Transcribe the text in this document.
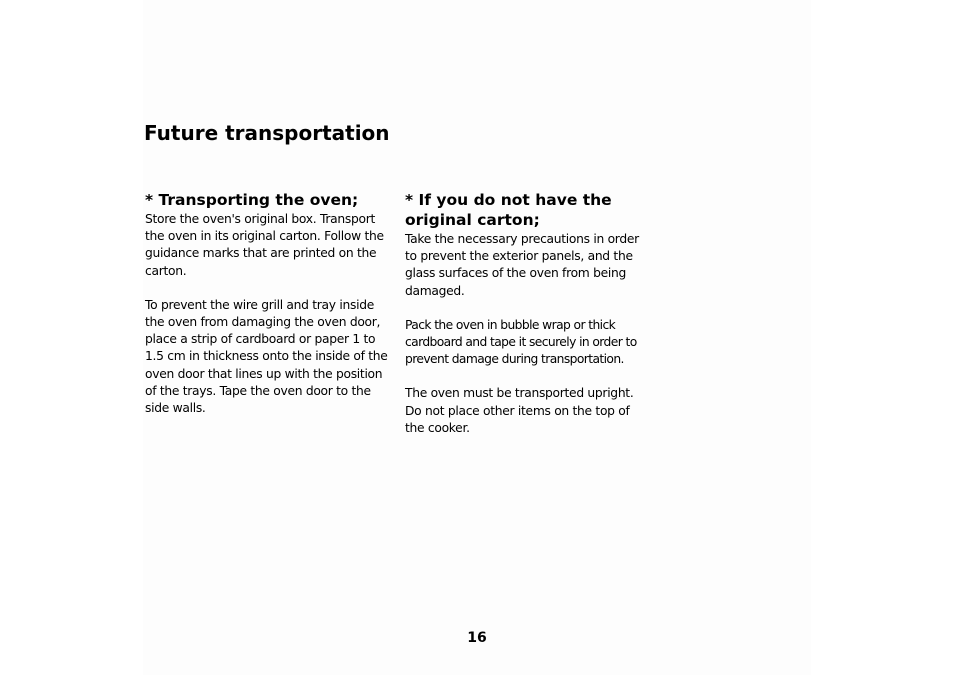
Future transportation
* Transporting the oven;

Store the oven's original box. Transport the oven in its original carton. Follow the guidance marks that are printed on the carton.

To prevent the wire grill and tray inside the oven from damaging the oven door, place a strip of cardboard or paper 1 to 1.5 cm in thickness onto the inside of the oven door that lines up with the position of the trays. Tape the oven door to the side walls.

* If you do not have the original carton;

Take the necessary precautions in order to prevent the exterior panels, and the glass surfaces of the oven from being damaged.

Pack the oven in bubble wrap or thick cardboard and tape it securely in order to prevent damage during transportation.

The oven must be transported upright. Do not place other items on the top of the cooker.

16
